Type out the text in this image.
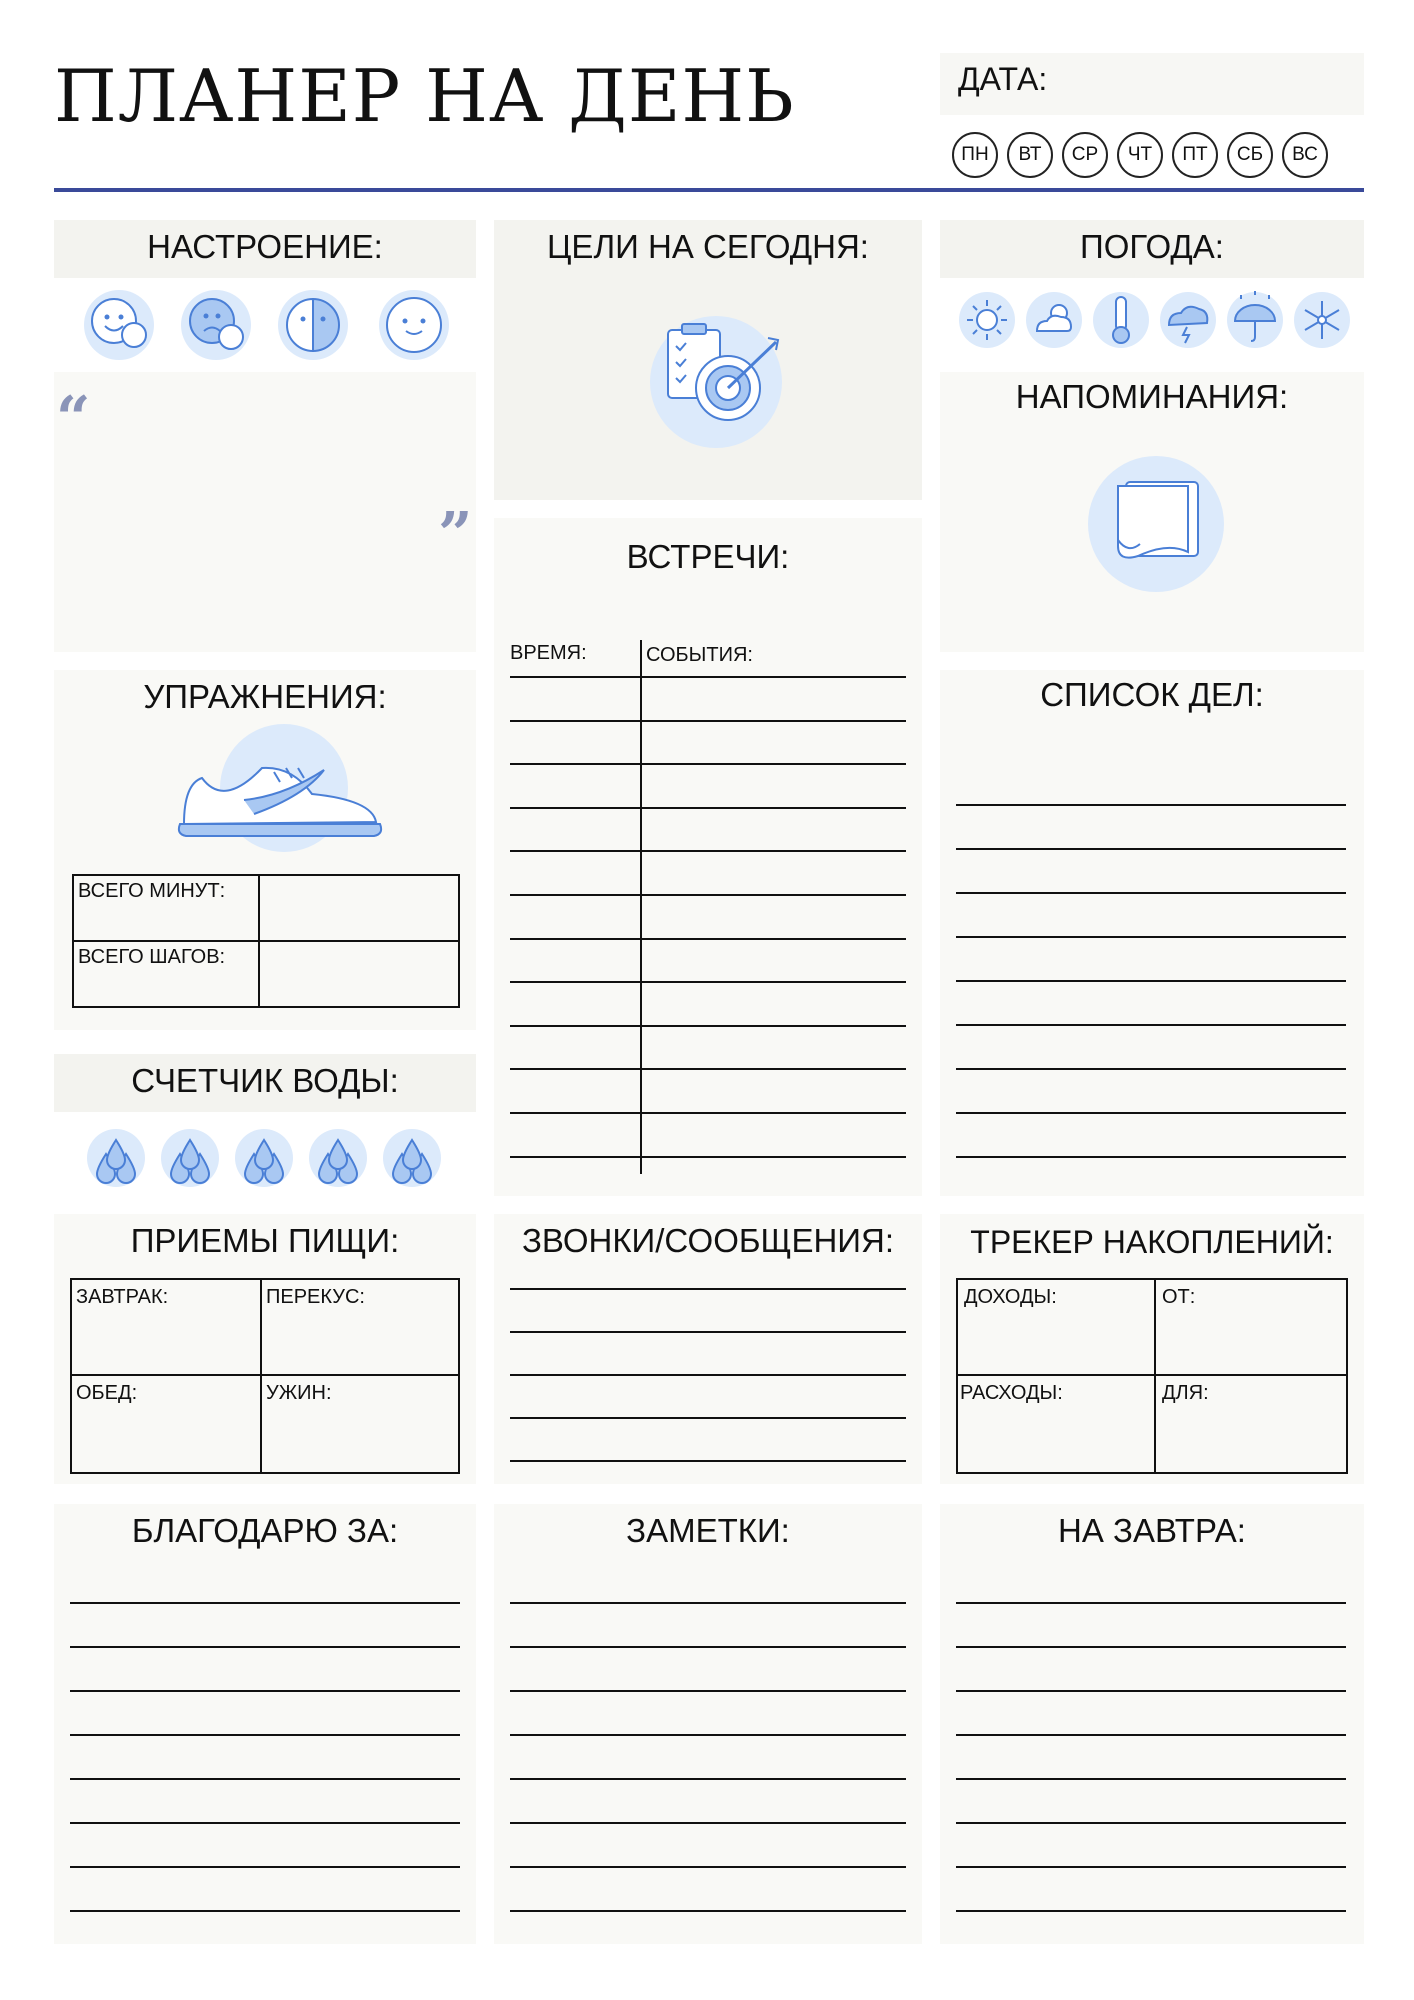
ПЛАНЕР НА ДЕНЬ	ДАТА:
ПН	ВТ	СР	ЧТ	ПТ	СБ	ВС
НАСТРОЕНИЕ:
“
”
ЦЕЛИ НА СЕГОДНЯ:	ПОГОДА:
НАПОМИНАНИЯ:
ВСТРЕЧИ:
ВРЕМЯ:	СОБЫТИЯ:
УПРАЖНЕНИЯ:
ВСЕГО МИНУТ:
ВСЕГО ШАГОВ:
СПИСОК ДЕЛ:
СЧЕТЧИК ВОДЫ:
ПРИЕМЫ ПИЩИ:
ЗАВТРАК:	ПЕРЕКУС:
ОБЕД:	УЖИН:
ЗВОНКИ/СООБЩЕНИЯ:	ТРЕКЕР НАКОПЛЕНИЙ:
ДОХОДЫ:	ОТ:
РАСХОДЫ:	ДЛЯ:
БЛАГОДАРЮ ЗА:	ЗАМЕТКИ:	НА ЗАВТРА:
